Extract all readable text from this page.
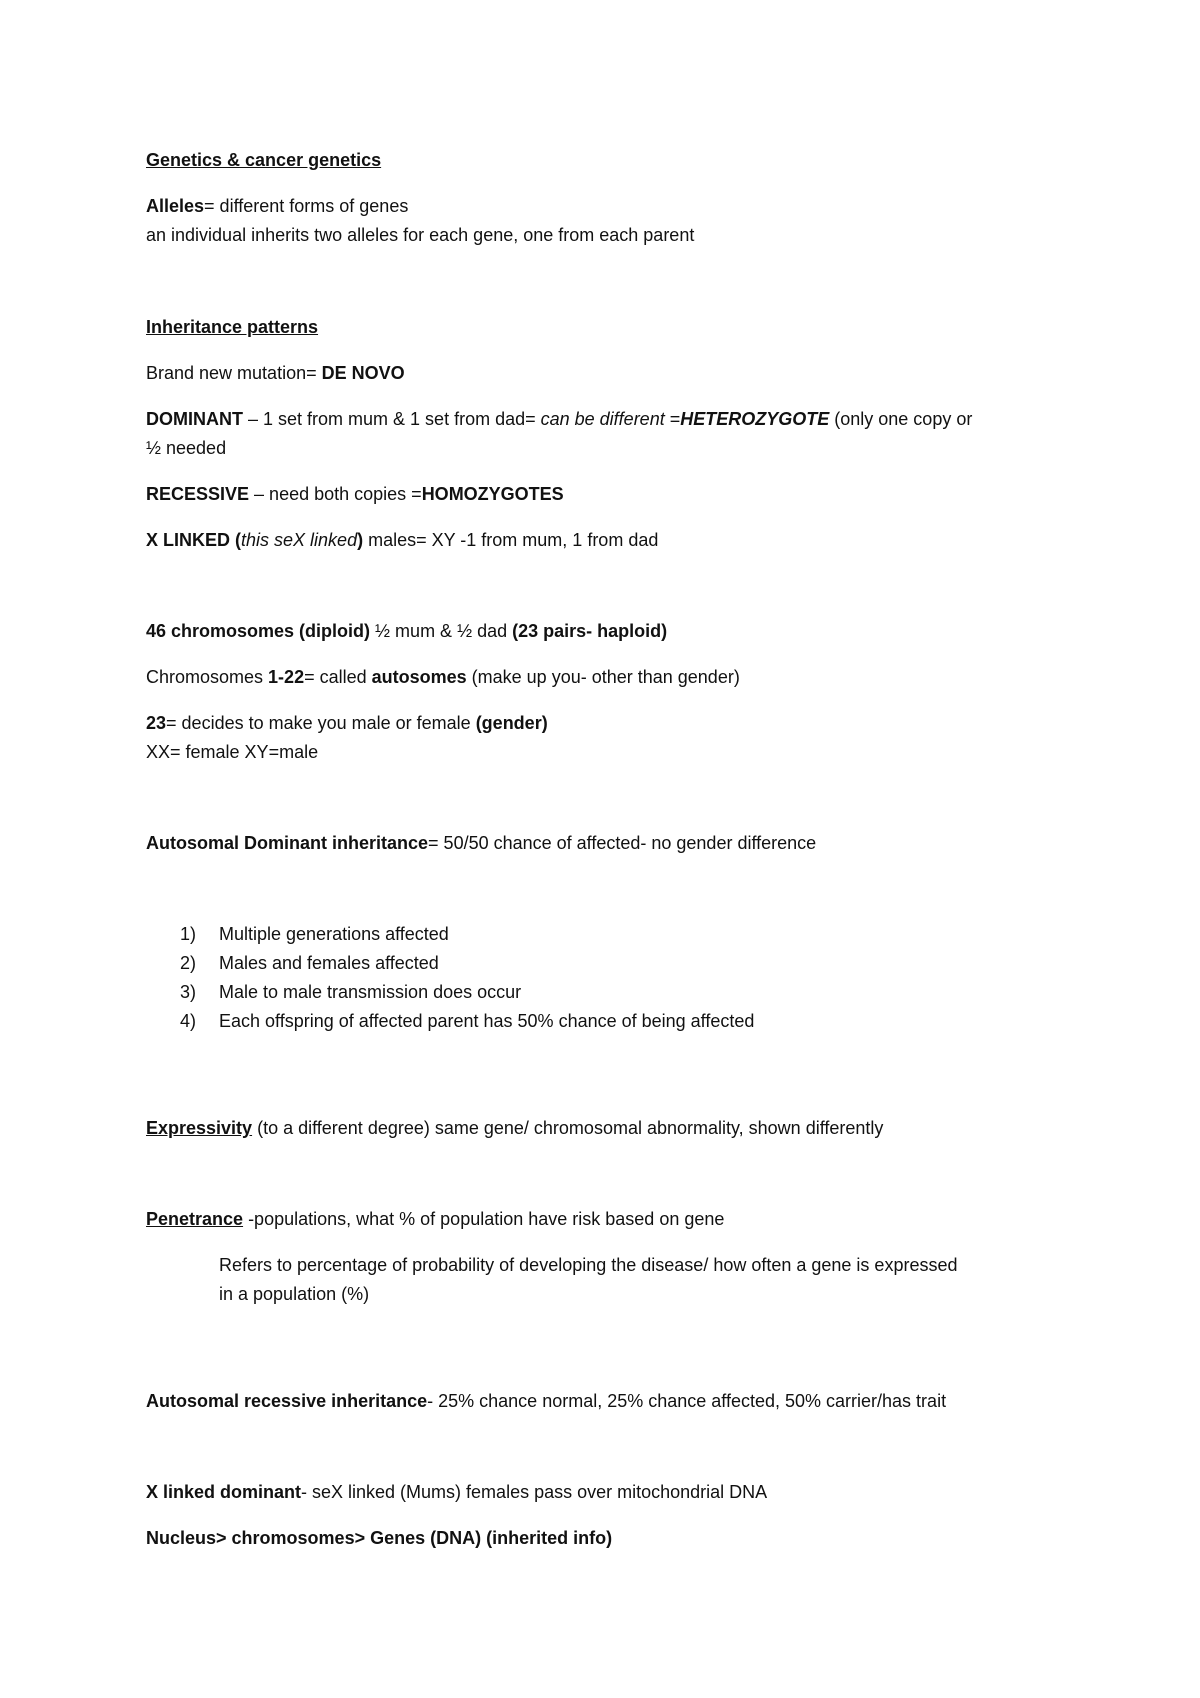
Genetics & cancer genetics
Alleles= different forms of genes
an individual inherits two alleles for each gene, one from each parent
Inheritance patterns
Brand new mutation= DE NOVO
DOMINANT – 1 set from mum & 1 set from dad= can be different =HETEROZYGOTE (only one copy or
½ needed
RECESSIVE – need both copies =HOMOZYGOTES
X LINKED (this seX linked) males= XY -1 from mum, 1 from dad
46 chromosomes (diploid) ½ mum & ½ dad (23 pairs- haploid)
Chromosomes 1-22= called autosomes (make up you- other than gender)
23= decides to make you male or female (gender)
XX= female XY=male
Autosomal Dominant inheritance= 50/50 chance of affected- no gender difference
1) Multiple generations affected
2) Males and females affected
3) Male to male transmission does occur
4) Each offspring of affected parent has 50% chance of being affected
Expressivity (to a different degree) same gene/ chromosomal abnormality, shown differently
Penetrance -populations, what % of population have risk based on gene
Refers to percentage of probability of developing the disease/ how often a gene is expressed
in a population (%)
Autosomal recessive inheritance- 25% chance normal, 25% chance affected, 50% carrier/has trait
X linked dominant- seX linked (Mums) females pass over mitochondrial DNA
Nucleus> chromosomes> Genes (DNA) (inherited info)
